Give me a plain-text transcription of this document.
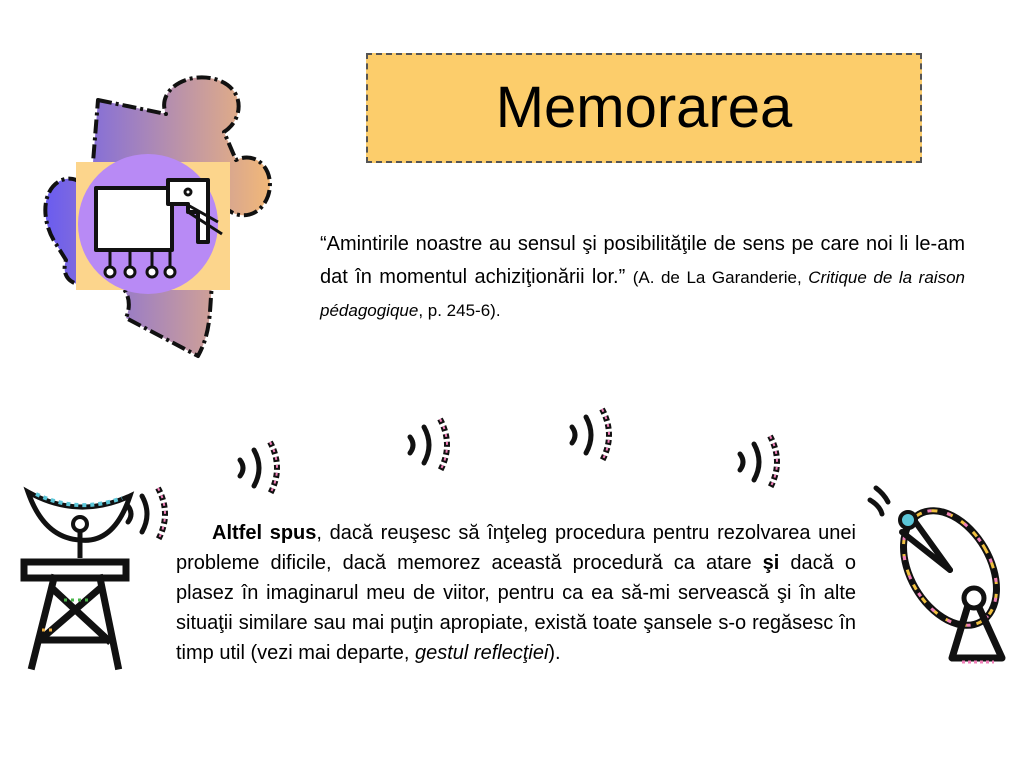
Memorarea
“Amintirile noastre au sensul şi posibilităţile de sens pe care noi li le-am dat în momentul achiziţionării lor.” (A. de La Garanderie, Critique de la raison pédagogique, p. 245-6).
Altfel spus, dacă reuşesc să înţeleg procedura pentru rezolvarea unei probleme dificile, dacă memorez această procedură ca atare şi dacă o plasez în imaginarul meu de viitor, pentru ca ea să-mi servească şi în alte situaţii similare sau mai puţin apropiate, există toate şansele s-o regăsesc în timp util (vezi mai departe, gestul reflecţiei).
